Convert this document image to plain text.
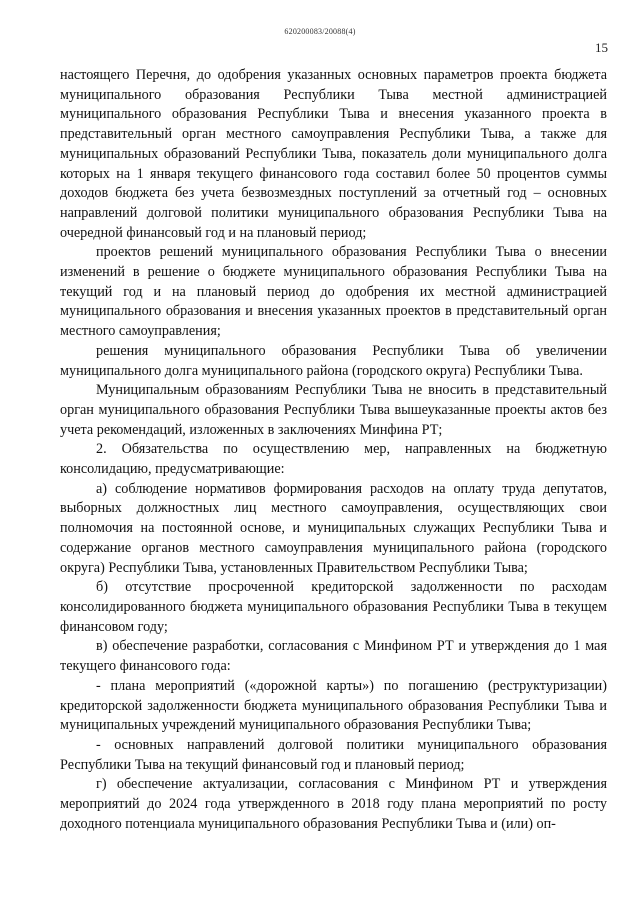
620200083/20088(4)
15

настоящего Перечня, до одобрения указанных основных параметров проекта бюджета муниципального образования Республики Тыва местной администрацией муниципального образования Республики Тыва и внесения указанного проекта в представительный орган местного самоуправления Республики Тыва, а также для муниципальных образований Республики Тыва, показатель доли муниципального долга которых на 1 января текущего финансового года составил более 50 процентов суммы доходов бюджета без учета безвозмездных поступлений за отчетный год – основных направлений долговой политики муниципального образования Республики Тыва на очередной финансовый год и на плановый период;

проектов решений муниципального образования Республики Тыва о внесении изменений в решение о бюджете муниципального образования Республики Тыва на текущий год и на плановый период до одобрения их местной администрацией муниципального образования и внесения указанных проектов в представительный орган местного самоуправления;

решения муниципального образования Республики Тыва об увеличении муниципального долга муниципального района (городского округа) Республики Тыва.

Муниципальным образованиям Республики Тыва не вносить в представительный орган муниципального образования Республики Тыва вышеуказанные проекты актов без учета рекомендаций, изложенных в заключениях Минфина РТ;

2. Обязательства по осуществлению мер, направленных на бюджетную консолидацию, предусматривающие:

а) соблюдение нормативов формирования расходов на оплату труда депутатов, выборных должностных лиц местного самоуправления, осуществляющих свои полномочия на постоянной основе, и муниципальных служащих Республики Тыва и содержание органов местного самоуправления муниципального района (городского округа) Республики Тыва, установленных Правительством Республики Тыва;

б) отсутствие просроченной кредиторской задолженности по расходам консолидированного бюджета муниципального образования Республики Тыва в текущем финансовом году;

в) обеспечение разработки, согласования с Минфином РТ и утверждения до 1 мая текущего финансового года:

- плана мероприятий («дорожной карты») по погашению (реструктуризации) кредиторской задолженности бюджета муниципального образования Республики Тыва и муниципальных учреждений муниципального образования Республики Тыва;

- основных направлений долговой политики муниципального образования Республики Тыва на текущий финансовый год и плановый период;

г) обеспечение актуализации, согласования с Минфином РТ и утверждения мероприятий до 2024 года утвержденного в 2018 году плана мероприятий по росту доходного потенциала муниципального образования Республики Тыва и (или) оп-
